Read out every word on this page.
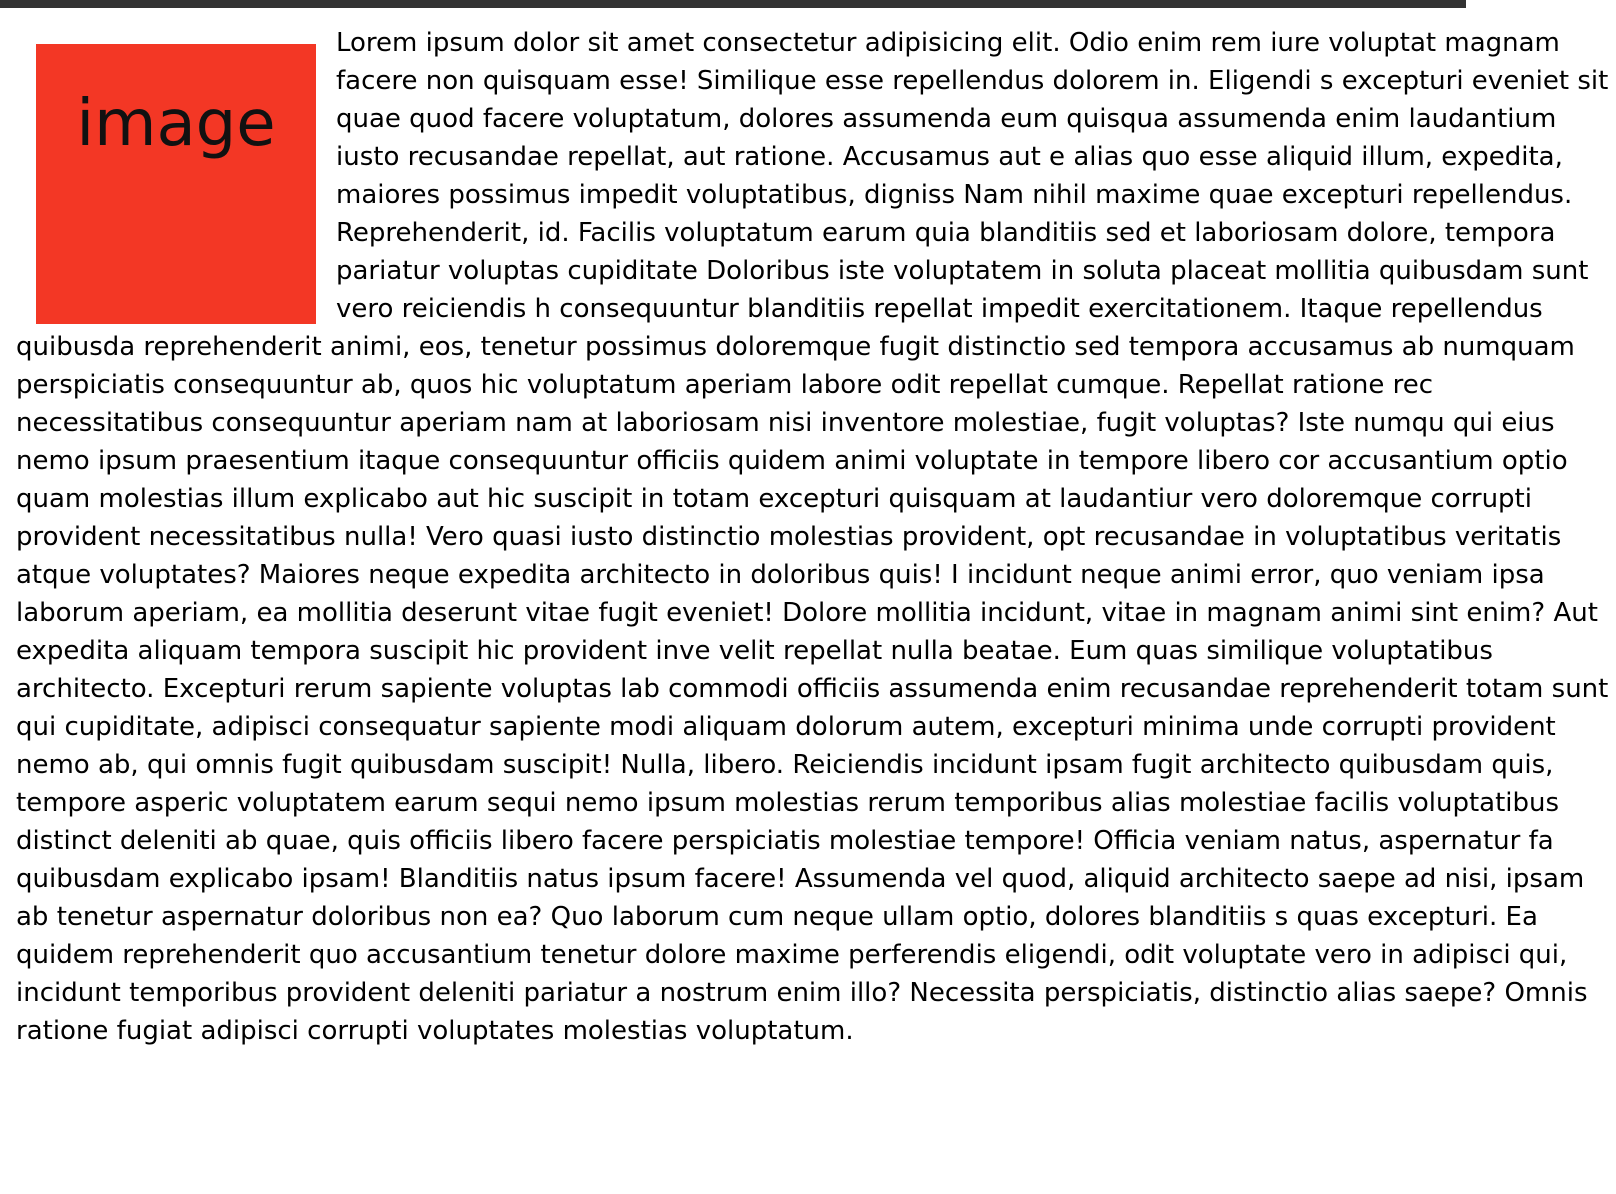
image

Lorem ipsum dolor sit amet consectetur adipisicing elit. Odio enim rem iure voluptat magnam facere non quisquam esse! Similique esse repellendus dolorem in. Eligendi s excepturi eveniet sit quae quod facere voluptatum, dolores assumenda eum quisqua assumenda enim laudantium iusto recusandae repellat, aut ratione. Accusamus aut e alias quo esse aliquid illum, expedita, maiores possimus impedit voluptatibus, digniss Nam nihil maxime quae excepturi repellendus. Reprehenderit, id. Facilis voluptatum earum quia blanditiis sed et laboriosam dolore, tempora pariatur voluptas cupiditate Doloribus iste voluptatem in soluta placeat mollitia quibusdam sunt vero reiciendis h consequuntur blanditiis repellat impedit exercitationem. Itaque repellendus quibusda reprehenderit animi, eos, tenetur possimus doloremque fugit distinctio sed tempora accusamus ab numquam perspiciatis consequuntur ab, quos hic voluptatum aperiam labore odit repellat cumque. Repellat ratione rec necessitatibus consequuntur aperiam nam at laboriosam nisi inventore molestiae, fugit voluptas? Iste numqu qui eius nemo ipsum praesentium itaque consequuntur officiis quidem animi voluptate in tempore libero cor accusantium optio quam molestias illum explicabo aut hic suscipit in totam excepturi quisquam at laudantiur vero doloremque corrupti provident necessitatibus nulla! Vero quasi iusto distinctio molestias provident, opt recusandae in voluptatibus veritatis atque voluptates? Maiores neque expedita architecto in doloribus quis! I incidunt neque animi error, quo veniam ipsa laborum aperiam, ea mollitia deserunt vitae fugit eveniet! Dolore mollitia incidunt, vitae in magnam animi sint enim? Aut expedita aliquam tempora suscipit hic provident inve velit repellat nulla beatae. Eum quas similique voluptatibus architecto. Excepturi rerum sapiente voluptas lab commodi officiis assumenda enim recusandae reprehenderit totam sunt qui cupiditate, adipisci consequatur sapiente modi aliquam dolorum autem, excepturi minima unde corrupti provident nemo ab, qui omnis fugit quibusdam suscipit! Nulla, libero. Reiciendis incidunt ipsam fugit architecto quibusdam quis, tempore asperic voluptatem earum sequi nemo ipsum molestias rerum temporibus alias molestiae facilis voluptatibus distinct deleniti ab quae, quis officiis libero facere perspiciatis molestiae tempore! Officia veniam natus, aspernatur fa quibusdam explicabo ipsam! Blanditiis natus ipsum facere! Assumenda vel quod, aliquid architecto saepe ad nisi, ipsam ab tenetur aspernatur doloribus non ea? Quo laborum cum neque ullam optio, dolores blanditiis s quas excepturi. Ea quidem reprehenderit quo accusantium tenetur dolore maxime perferendis eligendi, odit voluptate vero in adipisci qui, incidunt temporibus provident deleniti pariatur a nostrum enim illo? Necessita perspiciatis, distinctio alias saepe? Omnis ratione fugiat adipisci corrupti voluptates molestias voluptatum.
